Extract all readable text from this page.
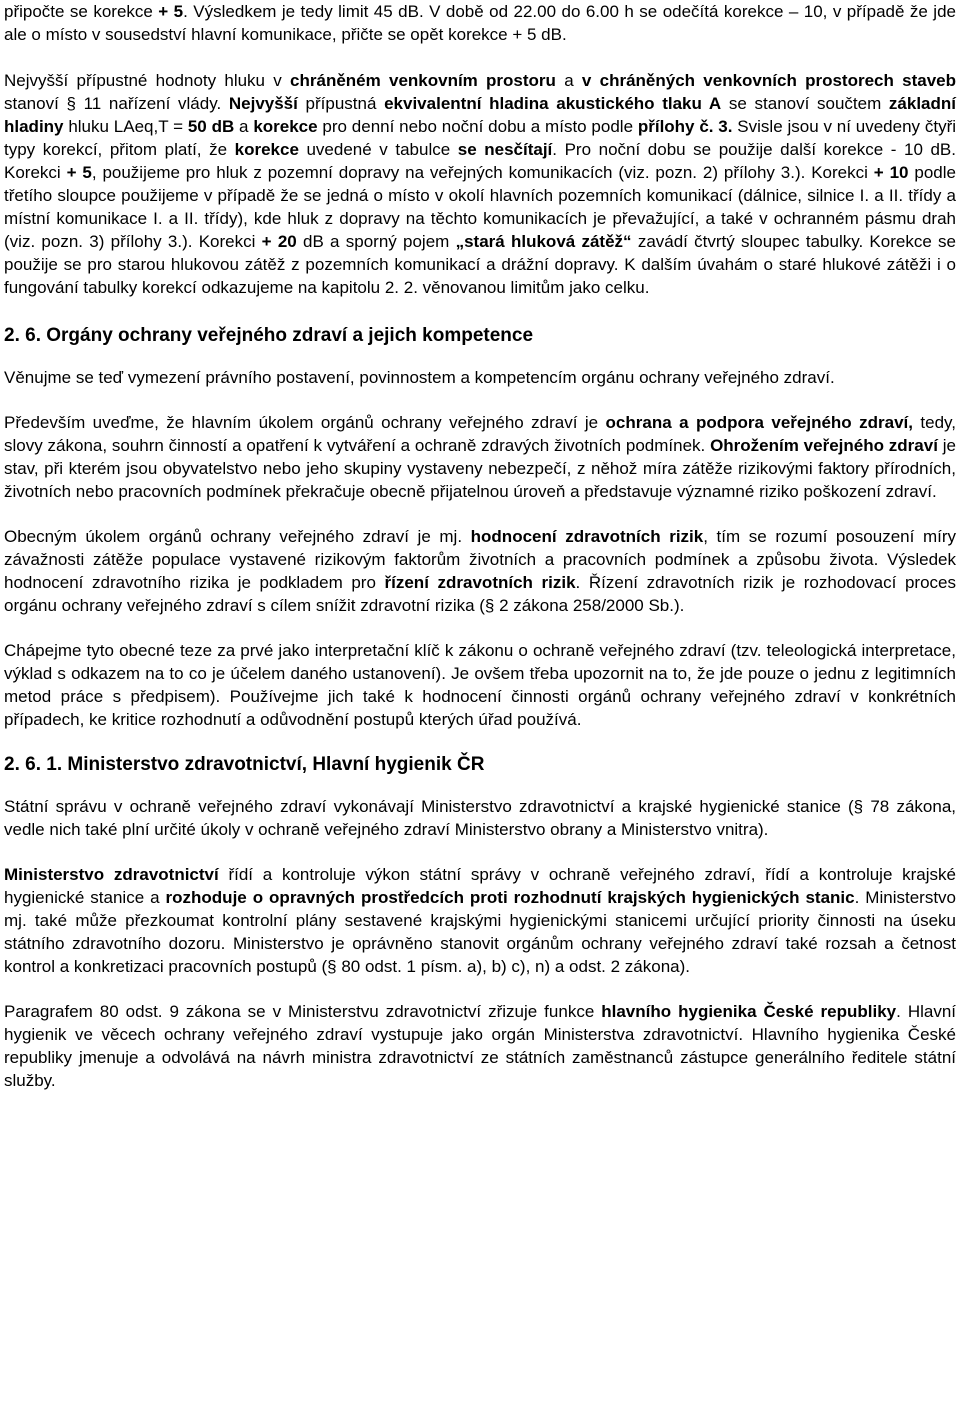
připočte se korekce + 5. Výsledkem je tedy limit 45 dB. V době od 22.00 do 6.00 h se odečítá korekce – 10, v případě že jde ale o místo v sousedství hlavní komunikace, přičte se opět korekce + 5 dB.

Nejvyšší přípustné hodnoty hluku v chráněném venkovním prostoru a v chráněných venkovních prostorech staveb stanoví § 11 nařízení vlády. Nejvyšší přípustná ekvivalentní hladina akustického tlaku A se stanoví součtem základní hladiny hluku LAeq,T = 50 dB a korekce pro denní nebo noční dobu a místo podle přílohy č. 3. Svisle jsou v ní uvedeny čtyři typy korekcí, přitom platí, že korekce uvedené v tabulce se nesčítají. Pro noční dobu se použije další korekce - 10 dB. Korekci + 5, použijeme pro hluk z pozemní dopravy na veřejných komunikacích (viz. pozn. 2) přílohy 3.). Korekci + 10 podle třetího sloupce použijeme v případě že se jedná o místo v okolí hlavních pozemních komunikací (dálnice, silnice I. a II. třídy a místní komunikace I. a II. třídy), kde hluk z dopravy na těchto komunikacích je převažující, a také v ochranném pásmu drah (viz. pozn. 3) přílohy 3.). Korekci + 20 dB a sporný pojem „stará hluková zátěž“ zavádí čtvrtý sloupec tabulky. Korekce se použije se pro starou hlukovou zátěž z pozemních komunikací a drážní dopravy. K dalším úvahám o staré hlukové zátěži i o fungování tabulky korekcí odkazujeme na kapitolu 2. 2. věnovanou limitům jako celku.

2. 6. Orgány ochrany veřejného zdraví a jejich kompetence

Věnujme se teď vymezení právního postavení, povinnostem a kompetencím orgánu ochrany veřejného zdraví.

Především uveďme, že hlavním úkolem orgánů ochrany veřejného zdraví je ochrana a podpora veřejného zdraví, tedy, slovy zákona, souhrn činností a opatření k vytváření a ochraně zdravých životních podmínek. Ohrožením veřejného zdraví je stav, při kterém jsou obyvatelstvo nebo jeho skupiny vystaveny nebezpečí, z něhož míra zátěže rizikovými faktory přírodních, životních nebo pracovních podmínek překračuje obecně přijatelnou úroveň a představuje významné riziko poškození zdraví.

Obecným úkolem orgánů ochrany veřejného zdraví je mj. hodnocení zdravotních rizik, tím se rozumí posouzení míry závažnosti zátěže populace vystavené rizikovým faktorům životních a pracovních podmínek a způsobu života. Výsledek hodnocení zdravotního rizika je podkladem pro řízení zdravotních rizik. Řízení zdravotních rizik je rozhodovací proces orgánu ochrany veřejného zdraví s cílem snížit zdravotní rizika (§ 2 zákona 258/2000 Sb.).

Chápejme tyto obecné teze za prvé jako interpretační klíč k zákonu o ochraně veřejného zdraví (tzv. teleologická interpretace, výklad s odkazem na to co je účelem daného ustanovení). Je ovšem třeba upozornit na to, že jde pouze o jednu z legitimních metod práce s předpisem). Používejme jich také k hodnocení činnosti orgánů ochrany veřejného zdraví v konkrétních případech, ke kritice rozhodnutí a odůvodnění postupů kterých úřad používá.

2. 6. 1. Ministerstvo zdravotnictví, Hlavní hygienik ČR

Státní správu v ochraně veřejného zdraví vykonávají Ministerstvo zdravotnictví a krajské hygienické stanice (§ 78 zákona, vedle nich také plní určité úkoly v ochraně veřejného zdraví Ministerstvo obrany a Ministerstvo vnitra).

Ministerstvo zdravotnictví řídí a kontroluje výkon státní správy v ochraně veřejného zdraví, řídí a kontroluje krajské hygienické stanice a rozhoduje o opravných prostředcích proti rozhodnutí krajských hygienických stanic. Ministerstvo mj. také může přezkoumat kontrolní plány sestavené krajskými hygienickými stanicemi určující priority činnosti na úseku státního zdravotního dozoru. Ministerstvo je oprávněno stanovit orgánům ochrany veřejného zdraví také rozsah a četnost kontrol a konkretizaci pracovních postupů (§ 80 odst. 1 písm. a), b) c), n) a odst. 2 zákona).

Paragrafem 80 odst. 9 zákona se v Ministerstvu zdravotnictví zřizuje funkce hlavního hygienika České republiky. Hlavní hygienik ve věcech ochrany veřejného zdraví vystupuje jako orgán Ministerstva zdravotnictví. Hlavního hygienika České republiky jmenuje a odvolává na návrh ministra zdravotnictví ze státních zaměstnanců zástupce generálního ředitele státní služby.
